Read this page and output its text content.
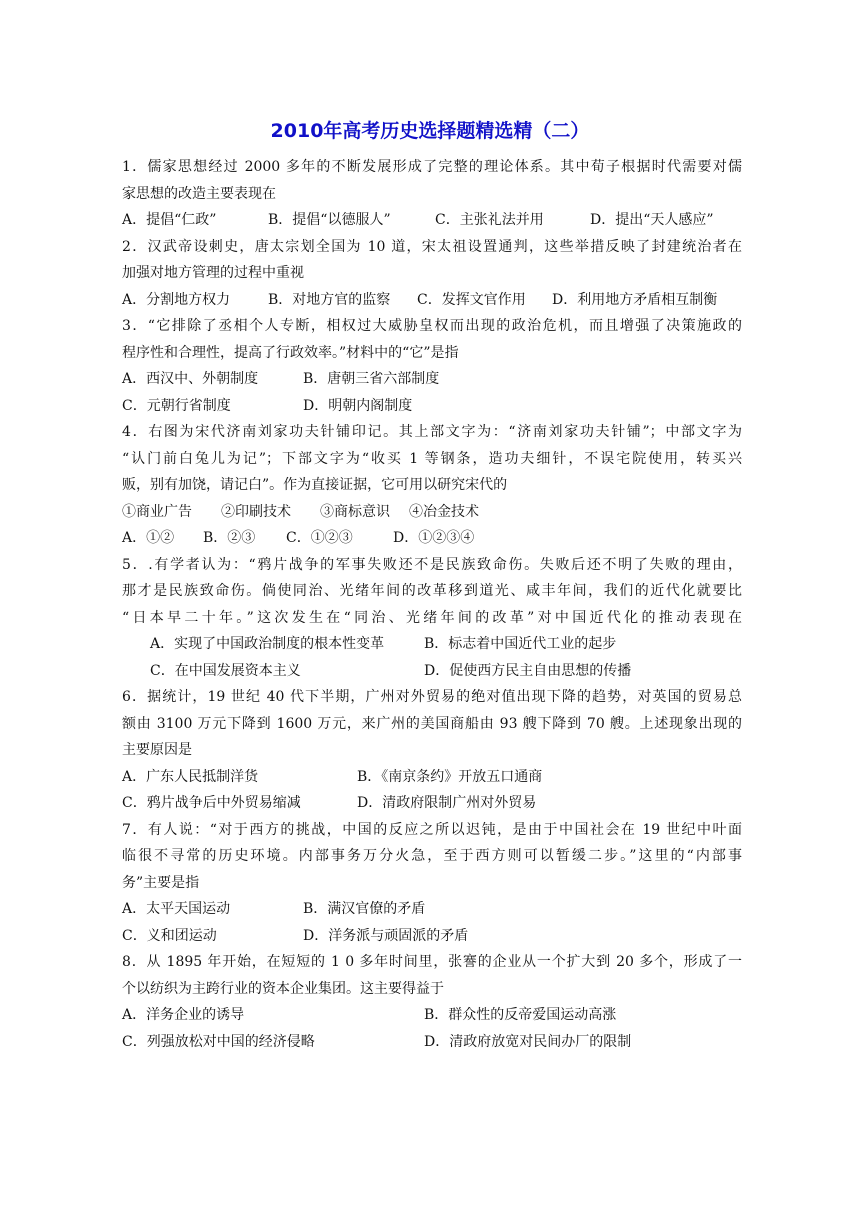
2010年高考历史选择题精选精（二）
1．儒家思想经过 2000 多年的不断发展形成了完整的理论体系。其中荀子根据时代需要对儒
家思想的改造主要表现在
A．提倡“仁政”	B．提倡“以德服人”	C．主张礼法并用	D．提出“天人感应”
2．汉武帝设刺史，唐太宗划全国为 10 道，宋太祖设置通判，这些举措反映了封建统治者在
加强对地方管理的过程中重视
A．分割地方权力	B．对地方官的监察	C．发挥文官作用	D．利用地方矛盾相互制衡
3．“它排除了丞相个人专断，相权过大威胁皇权而出现的政治危机，而且增强了决策施政的
程序性和合理性，提高了行政效率。”材料中的“它”是指
A．西汉中、外朝制度	B．唐朝三省六部制度
C．元朝行省制度	D．明朝内阁制度
4．右图为宋代济南刘家功夫针铺印记。其上部文字为：“济南刘家功夫针铺”；中部文字为
“认门前白兔儿为记”；下部文字为“收买 1 等钢条，造功夫细针，不误宅院使用，转买兴
贩，别有加饶，请记白”。作为直接证据，它可用以研究宋代的
①商业广告	②印刷技术	③商标意识	④冶金技术
A．①②	B．②③	C．①②③	D．①②③④
5．.有学者认为：“鸦片战争的军事失败还不是民族致命伤。失败后还不明了失败的理由，
那才是民族致命伤。倘使同治、光绪年间的改革移到道光、咸丰年间，我们的近代化就要比
“日本早二十年。”这次发生在“同治、光绪年间的改革”对中国近代化的推动表现在
A．实现了中国政治制度的根本性变革	B．标志着中国近代工业的起步
C．在中国发展资本主义	D．促使西方民主自由思想的传播
6．据统计，19 世纪 40 代下半期，广州对外贸易的绝对值出现下降的趋势，对英国的贸易总
额由 3100 万元下降到 1600 万元，来广州的美国商船由 93 艘下降到 70 艘。上述现象出现的
主要原因是
A．广东人民抵制洋货	B．《南京条约》开放五口通商
C．鸦片战争后中外贸易缩减	D．清政府限制广州对外贸易
7．有人说：“对于西方的挑战，中国的反应之所以迟钝，是由于中国社会在 19 世纪中叶面
临很不寻常的历史环境。内部事务万分火急，至于西方则可以暂缓二步。”这里的“内部事
务”主要是指
A．太平天国运动	B．满汉官僚的矛盾
C．义和团运动	D．洋务派与顽固派的矛盾
8．从 1895 年开始，在短短的 1 0 多年时间里，张謇的企业从一个扩大到 20 多个，形成了一
个以纺织为主跨行业的资本企业集团。这主要得益于
A．洋务企业的诱导	B．群众性的反帝爱国运动高涨
C．列强放松对中国的经济侵略	D．清政府放宽对民间办厂的限制
